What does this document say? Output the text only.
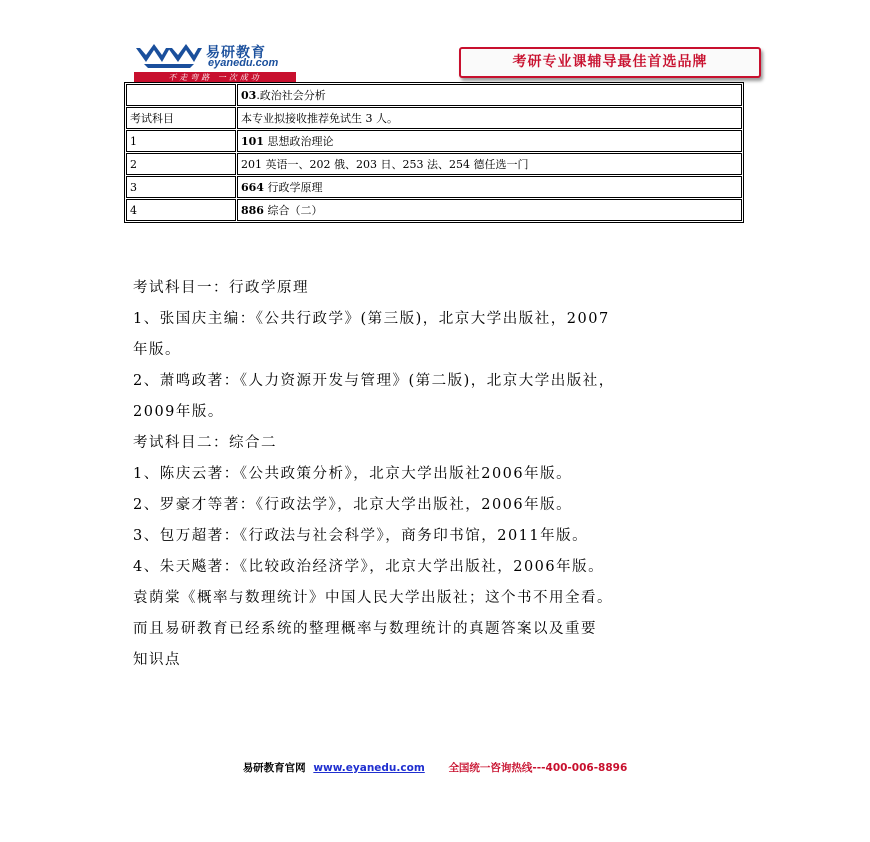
易研教育
eyanedu.com
不走弯路 一次成功
考研专业课辅导最佳首选品牌
	03.政治社会分析
考试科目	本专业拟接收推荐免试生 3 人。
1	101 思想政治理论
2	201 英语一、202 俄、203 日、253 法、254 德任选一门
3	664 行政学原理
4	886 综合（二）
考试科目一：行政学原理
1、张国庆主编：《公共行政学》(第三版)，北京大学出版社，2007
年版。
2、萧鸣政著：《人力资源开发与管理》(第二版)，北京大学出版社，
2009年版。
考试科目二：综合二
1、陈庆云著：《公共政策分析》，北京大学出版社2006年版。
2、罗豪才等著：《行政法学》，北京大学出版社，2006年版。
3、包万超著：《行政法与社会科学》，商务印书馆，2011年版。
4、朱天飚著：《比较政治经济学》，北京大学出版社，2006年版。
袁荫棠《概率与数理统计》中国人民大学出版社；这个书不用全看。
而且易研教育已经系统的整理概率与数理统计的真题答案以及重要
知识点
易研教育官网 www.eyanedu.com 全国统一咨询热线---400-006-8896
